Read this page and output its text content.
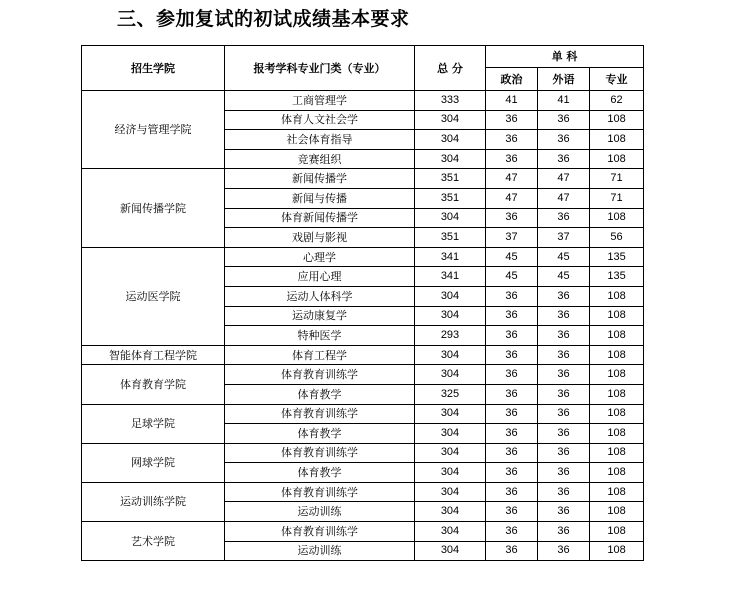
三、参加复试的初试成绩基本要求
招生学院	报考学科专业门类（专业）	总 分	单 科		
			政治	外语	专业
经济与管理学院	工商管理学	333	41	41	62
	体育人文社会学	304	36	36	108
	社会体育指导	304	36	36	108
	竞赛组织	304	36	36	108
新闻传播学院	新闻传播学	351	47	47	71
	新闻与传播	351	47	47	71
	体育新闻传播学	304	36	36	108
	戏剧与影视	351	37	37	56
运动医学院	心理学	341	45	45	135
	应用心理	341	45	45	135
	运动人体科学	304	36	36	108
	运动康复学	304	36	36	108
	特种医学	293	36	36	108
智能体育工程学院	体育工程学	304	36	36	108
体育教育学院	体育教育训练学	304	36	36	108
	体育教学	325	36	36	108
足球学院	体育教育训练学	304	36	36	108
	体育教学	304	36	36	108
网球学院	体育教育训练学	304	36	36	108
	体育教学	304	36	36	108
运动训练学院	体育教育训练学	304	36	36	108
	运动训练	304	36	36	108
艺术学院	体育教育训练学	304	36	36	108
	运动训练	304	36	36	108
